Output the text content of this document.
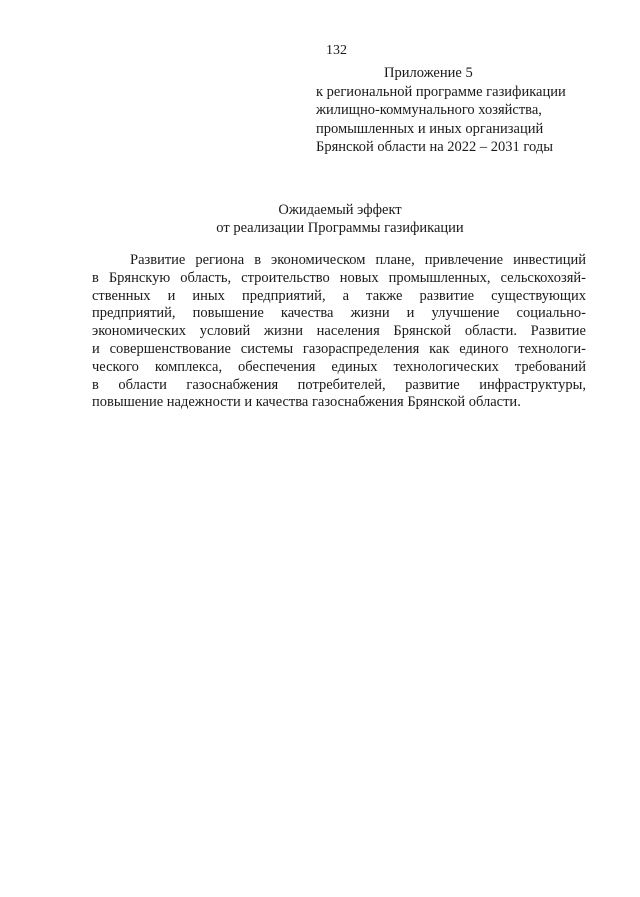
132
Приложение 5
к региональной программе газификации
жилищно-коммунального хозяйства,
промышленных и иных организаций
Брянской области на 2022 – 2031 годы
Ожидаемый эффект
от реализации Программы газификации
Развитие региона в экономическом плане, привлечение инвестиций
в Брянскую область, строительство новых промышленных, сельскохозяй-
ственных и иных предприятий, а также развитие существующих
предприятий, повышение качества жизни и улучшение социально-
экономических условий жизни населения Брянской области. Развитие
и совершенствование системы газораспределения как единого технологи-
ческого комплекса, обеспечения единых технологических требований
в области газоснабжения потребителей, развитие инфраструктуры,
повышение надежности и качества газоснабжения Брянской области.
